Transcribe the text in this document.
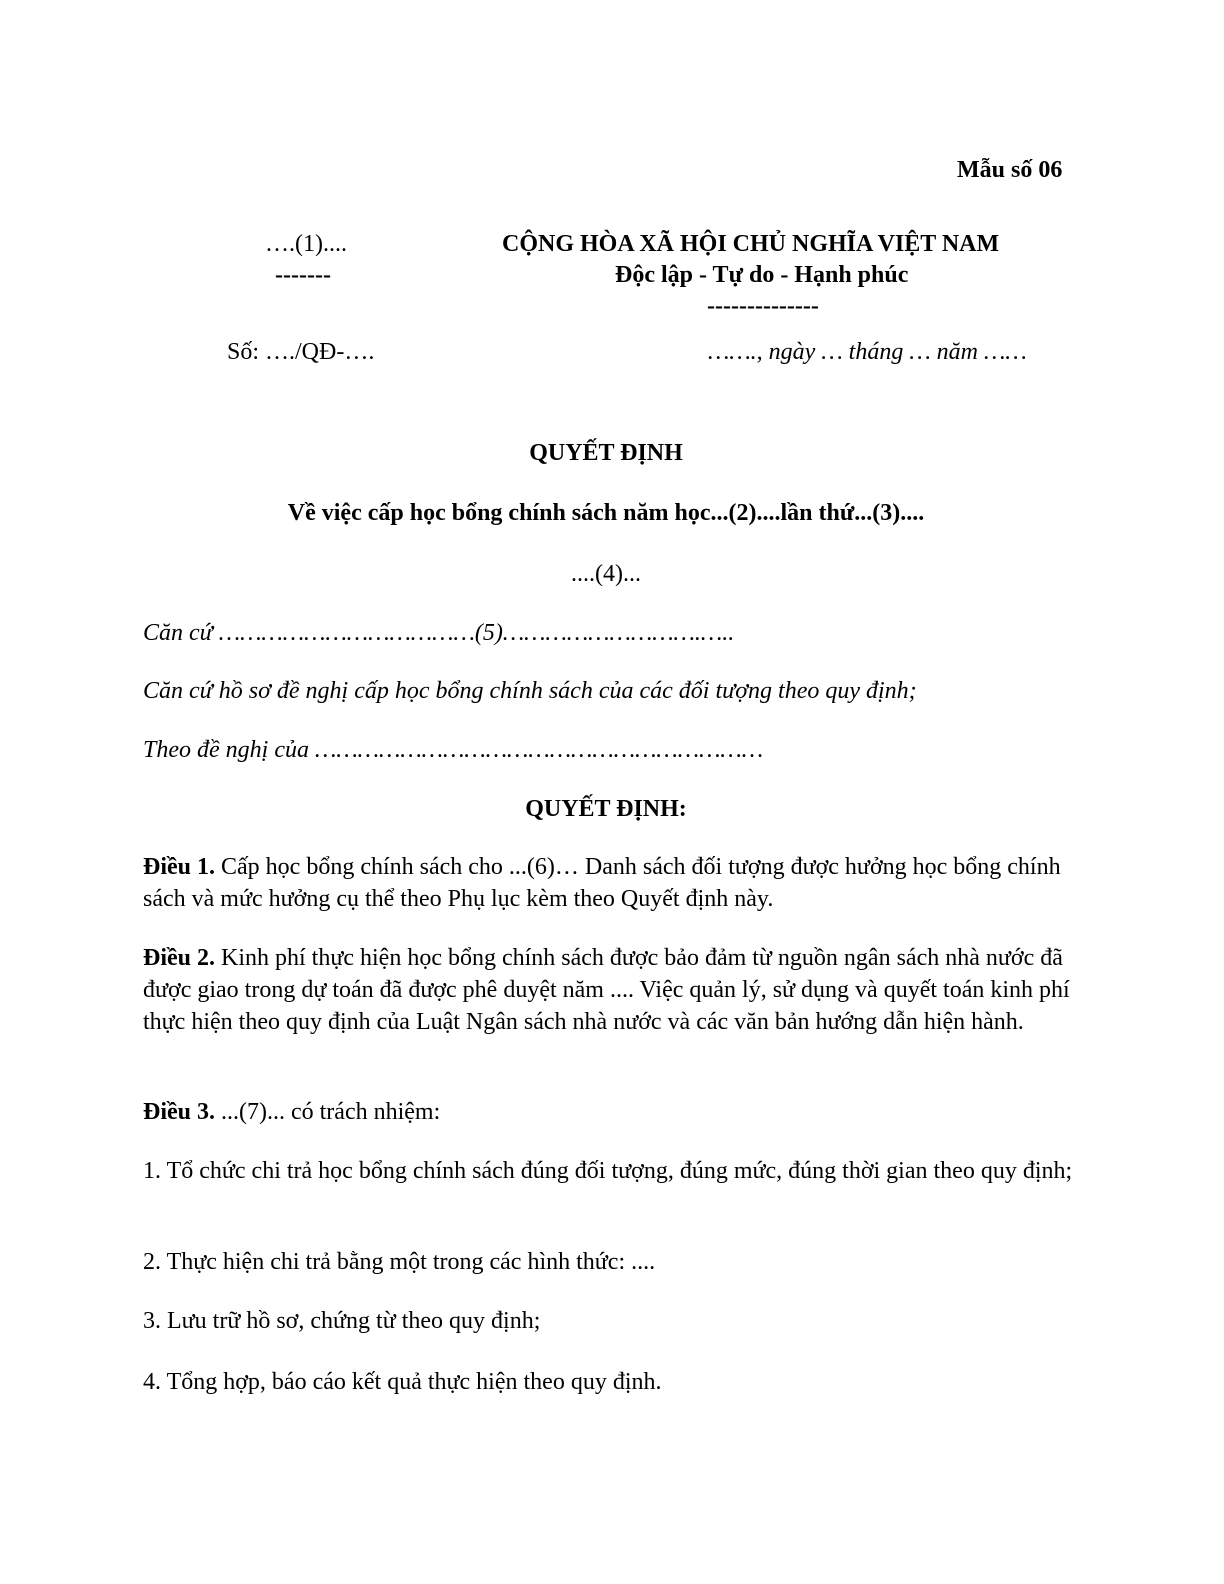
Mẫu số 06
….(1)....
-------
CỘNG HÒA XÃ HỘI CHỦ NGHĨA VIỆT NAM
Độc lập - Tự do - Hạnh phúc
--------------
Số: …./QĐ-….	……., ngày … tháng … năm ……
QUYẾT ĐỊNH
Về việc cấp học bổng chính sách năm học...(2)....lần thứ...(3)....
....(4)...
Căn cứ ………………………………(5)……………………….…..
Căn cứ hồ sơ đề nghị cấp học bổng chính sách của các đối tượng theo quy định;
Theo đề nghị của ………………………………………………………
QUYẾT ĐỊNH:
Điều 1. Cấp học bổng chính sách cho ...(6)… Danh sách đối tượng được hưởng học bổng chính sách và mức hưởng cụ thể theo Phụ lục kèm theo Quyết định này.
Điều 2. Kinh phí thực hiện học bổng chính sách được bảo đảm từ nguồn ngân sách nhà nước đã được giao trong dự toán đã được phê duyệt năm .... Việc quản lý, sử dụng và quyết toán kinh phí thực hiện theo quy định của Luật Ngân sách nhà nước và các văn bản hướng dẫn hiện hành.
Điều 3. ...(7)... có trách nhiệm:
1. Tổ chức chi trả học bổng chính sách đúng đối tượng, đúng mức, đúng thời gian theo quy định;
2. Thực hiện chi trả bằng một trong các hình thức: ....
3. Lưu trữ hồ sơ, chứng từ theo quy định;
4. Tổng hợp, báo cáo kết quả thực hiện theo quy định.
